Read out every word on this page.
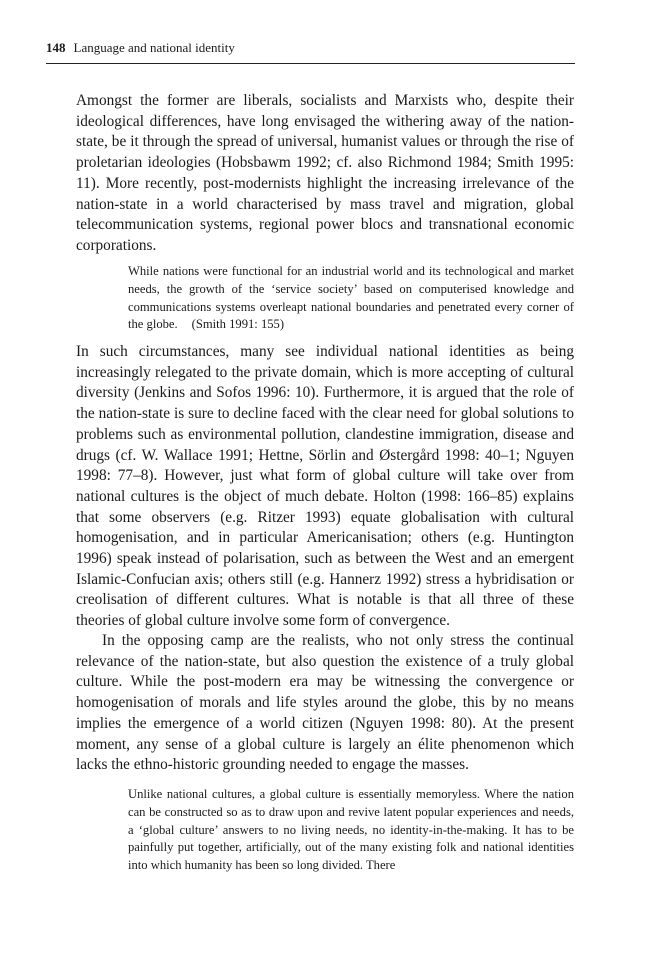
148 Language and national identity

Amongst the former are liberals, socialists and Marxists who, despite their ideological differences, have long envisaged the withering away of the nation-state, be it through the spread of universal, humanist values or through the rise of proletarian ideologies (Hobsbawm 1992; cf. also Richmond 1984; Smith 1995: 11). More recently, post-modernists highlight the increasing irrelevance of the nation-state in a world characterised by mass travel and migration, global telecommunication systems, regional power blocs and transnational economic corporations.

While nations were functional for an industrial world and its technological and market needs, the growth of the ‘service society’ based on computerised knowledge and communications systems overleapt national boundaries and penetrated every corner of the globe. (Smith 1991: 155)

In such circumstances, many see individual national identities as being increasingly relegated to the private domain, which is more accepting of cultural diversity (Jenkins and Sofos 1996: 10). Furthermore, it is argued that the role of the nation-state is sure to decline faced with the clear need for global solutions to problems such as environmental pollution, clandestine immigration, disease and drugs (cf. W. Wallace 1991; Hettne, Sörlin and Østergård 1998: 40–1; Nguyen 1998: 77–8). However, just what form of global culture will take over from national cultures is the object of much debate. Holton (1998: 166–85) explains that some observers (e.g. Ritzer 1993) equate globalisation with cultural homogenisation, and in particular Americanisation; others (e.g. Huntington 1996) speak instead of polarisation, such as between the West and an emergent Islamic-Confucian axis; others still (e.g. Hannerz 1992) stress a hybridisation or creolisation of different cultures. What is notable is that all three of these theories of global culture involve some form of convergence.

In the opposing camp are the realists, who not only stress the continual relevance of the nation-state, but also question the existence of a truly global culture. While the post-modern era may be witnessing the convergence or homogenisation of morals and life styles around the globe, this by no means implies the emergence of a world citizen (Nguyen 1998: 80). At the present moment, any sense of a global culture is largely an élite phenomenon which lacks the ethno-historic grounding needed to engage the masses.

Unlike national cultures, a global culture is essentially memoryless. Where the nation can be constructed so as to draw upon and revive latent popular experiences and needs, a ‘global culture’ answers to no living needs, no identity-in-the-making. It has to be painfully put together, artificially, out of the many existing folk and national identities into which humanity has been so long divided. There
